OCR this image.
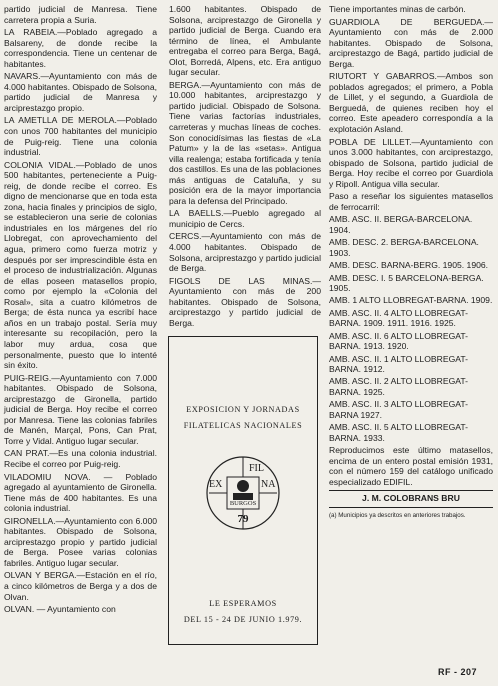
partido judicial de Manresa. Tiene carretera propia a Suria.

LA RABEIA.—Poblado agregado a Balsareny, de donde recibe la correspondencia. Tiene un centenar de habitantes.

NAVARS.—Ayuntamiento con más de 4.000 habitantes. Obispado de Solsona, partido judicial de Manresa y arciprestazgo propio.

LA AMETLLA DE MEROLA.—Poblado con unos 700 habitantes del municipio de Puig-reig. Tiene una colonia industrial.

COLONIA VIDAL.—Poblado de unos 500 habitantes, perteneciente a Puig-reig, de donde recibe el correo. Es digno de mencionarse que en toda esta zona, hacia finales y principios de siglo, se establecieron una serie de colonias industriales en los márgenes del río Llobregat, con aprovechamiento del agua, primero como fuerza motriz y después por ser imprescindible ésta en el proceso de industrialización. Algunas de ellas poseen matasellos propio, como por ejemplo la «Colonia del Rosal», sita a cuatro kilómetros de Berga; de ésta nunca ya escribí hace años en un trabajo postal. Sería muy interesante su recopilación, pero la labor muy ardua, cosa que personalmente, puesto que lo intenté sin éxito.

PUIG-REIG.—Ayuntamiento con 7.000 habitantes. Obispado de Solsona, arciprestazgo de Gironella, partido judicial de Berga. Hoy recibe el correo por Manresa. Tiene las colonias fabriles de Manén, Marçal, Pons, Can Prat, Torre y Vidal. Antiguo lugar secular.

CAN PRAT.—Es una colonia industrial. Recibe el correo por Puig-reig.

VILADOMIU NOVA. — Poblado agregado al ayuntamiento de Gironella. Tiene más de 400 habitantes. Es una colonia industrial.

GIRONELLA.—Ayuntamiento con 6.000 habitantes. Obispado de Solsona, arciprestazgo propio y partido judicial de Berga. Posee varias colonias fabriles. Antiguo lugar secular.

OLVAN Y BERGA.—Estación en el río, a cinco kilómetros de Berga y a dos de Olvan.

OLVAN. — Ayuntamiento con

1.600 habitantes. Obispado de Solsona, arciprestazgo de Gironella y partido judicial de Berga. Cuando era término de línea, el Ambulante entregaba el correo para Berga, Bagá, Olot, Borredá, Alpens, etc. Era antiguo lugar secular.

BERGA.—Ayuntamiento con más de 10.000 habitantes, arciprestazgo y partido judicial. Obispado de Solsona. Tiene varias factorías industriales, carreteras y muchas líneas de coches. Son conocidísimas las fiestas de «La Patum» y la de las «setas». Antigua villa realenga; estaba fortificada y tenía dos castillos. Es una de las poblaciones más antiguas de Cataluña, y su posición era de la mayor importancia para la defensa del Principado.

LA BAELLS.—Pueblo agregado al municipio de Cercs.

CERCS.—Ayuntamiento con más de 4.000 habitantes. Obispado de Solsona, arciprestazgo y partido judicial de Berga.

FIGOLS DE LAS MINAS.—Ayuntamiento con más de 200 habitantes. Obispado de Solsona, arciprestazgo y partido judicial de Berga.

EXPOSICION Y JORNADAS
FILATELICAS NACIONALES
FIL
EX	NA
BURGOS
79
LE ESPERAMOS
DEL 15 - 24 DE JUNIO 1.979.

Tiene importantes minas de carbón.

GUARDIOLA DE BERGUEDA.—Ayuntamiento con más de 2.000 habitantes. Obispado de Solsona, arciprestazgo de Bagá, partido judicial de Berga.

RIUTORT Y GABARROS.—Ambos son poblados agregados; el primero, a Pobla de Lillet, y el segundo, a Guardiola de Berguedá, de quienes reciben hoy el correo. Este apeadero correspondía a la explotación Asland.

POBLA DE LILLET.—Ayuntamiento con unos 3.000 habitantes, con arciprestazgo, obispado de Solsona, partido judicial de Berga. Hoy recibe el correo por Guardiola y Ripoll. Antigua villa secular.

Paso a reseñar los siguientes matasellos de ferrocarril:

AMB. ASC. II. BERGA-BARCELONA. 1904.

AMB. DESC. 2. BERGA-BARCELONA. 1903.

AMB. DESC. BARNA-BERG. 1905. 1906.

AMB. DESC. I. 5 BARCELONA-BERGA. 1905.

AMB. 1 ALTO LLOBREGAT-BARNA. 1909.

AMB. ASC. II. 4 ALTO LLOBREGAT-BARNA. 1909. 1911. 1916. 1925.

AMB. ASC. II. 6 ALTO LLOBREGAT-BARNA. 1913. 1920.

AMB. ASC. II. 1 ALTO LLOBREGAT-BARNA. 1912.

AMB. ASC. II. 2 ALTO LLOBREGAT-BARNA. 1925.

AMB. ASC. II. 3 ALTO LLOBREGAT-BARNA 1927.

AMB. ASC. II. 5 ALTO LLOBREGAT-BARNA. 1933.

Reproducimos este último matasellos, encima de un entero postal emisión 1931, con el número 159 del catálogo unificado especializado EDIFIL.

J. M. COLOBRANS BRU

(a) Municipios ya descritos en anteriores trabajos.

RF - 207
